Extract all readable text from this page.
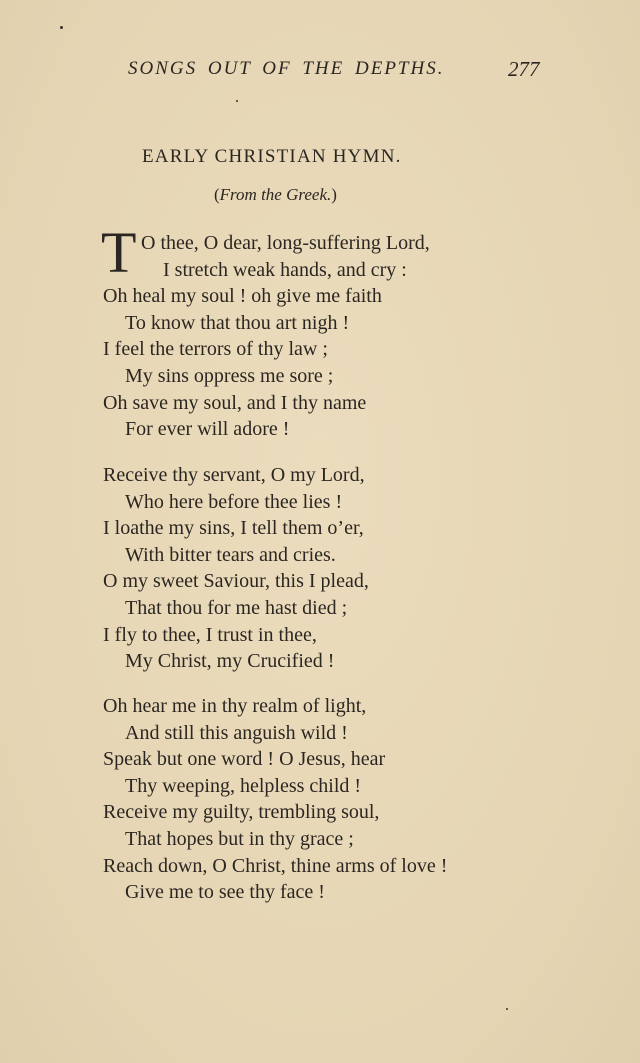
SONGS OUT OF THE DEPTHS.	277
EARLY CHRISTIAN HYMN.
(From the Greek.)
T O thee, O dear, long-suffering Lord,
I stretch weak hands, and cry :
Oh heal my soul ! oh give me faith
To know that thou art nigh !
I feel the terrors of thy law ;
My sins oppress me sore ;
Oh save my soul, and I thy name
For ever will adore !
Receive thy servant, O my Lord,
Who here before thee lies !
I loathe my sins, I tell them o’er,
With bitter tears and cries.
O my sweet Saviour, this I plead,
That thou for me hast died ;
I fly to thee, I trust in thee,
My Christ, my Crucified !
Oh hear me in thy realm of light,
And still this anguish wild !
Speak but one word ! O Jesus, hear
Thy weeping, helpless child !
Receive my guilty, trembling soul,
That hopes but in thy grace ;
Reach down, O Christ, thine arms of love !
Give me to see thy face !
